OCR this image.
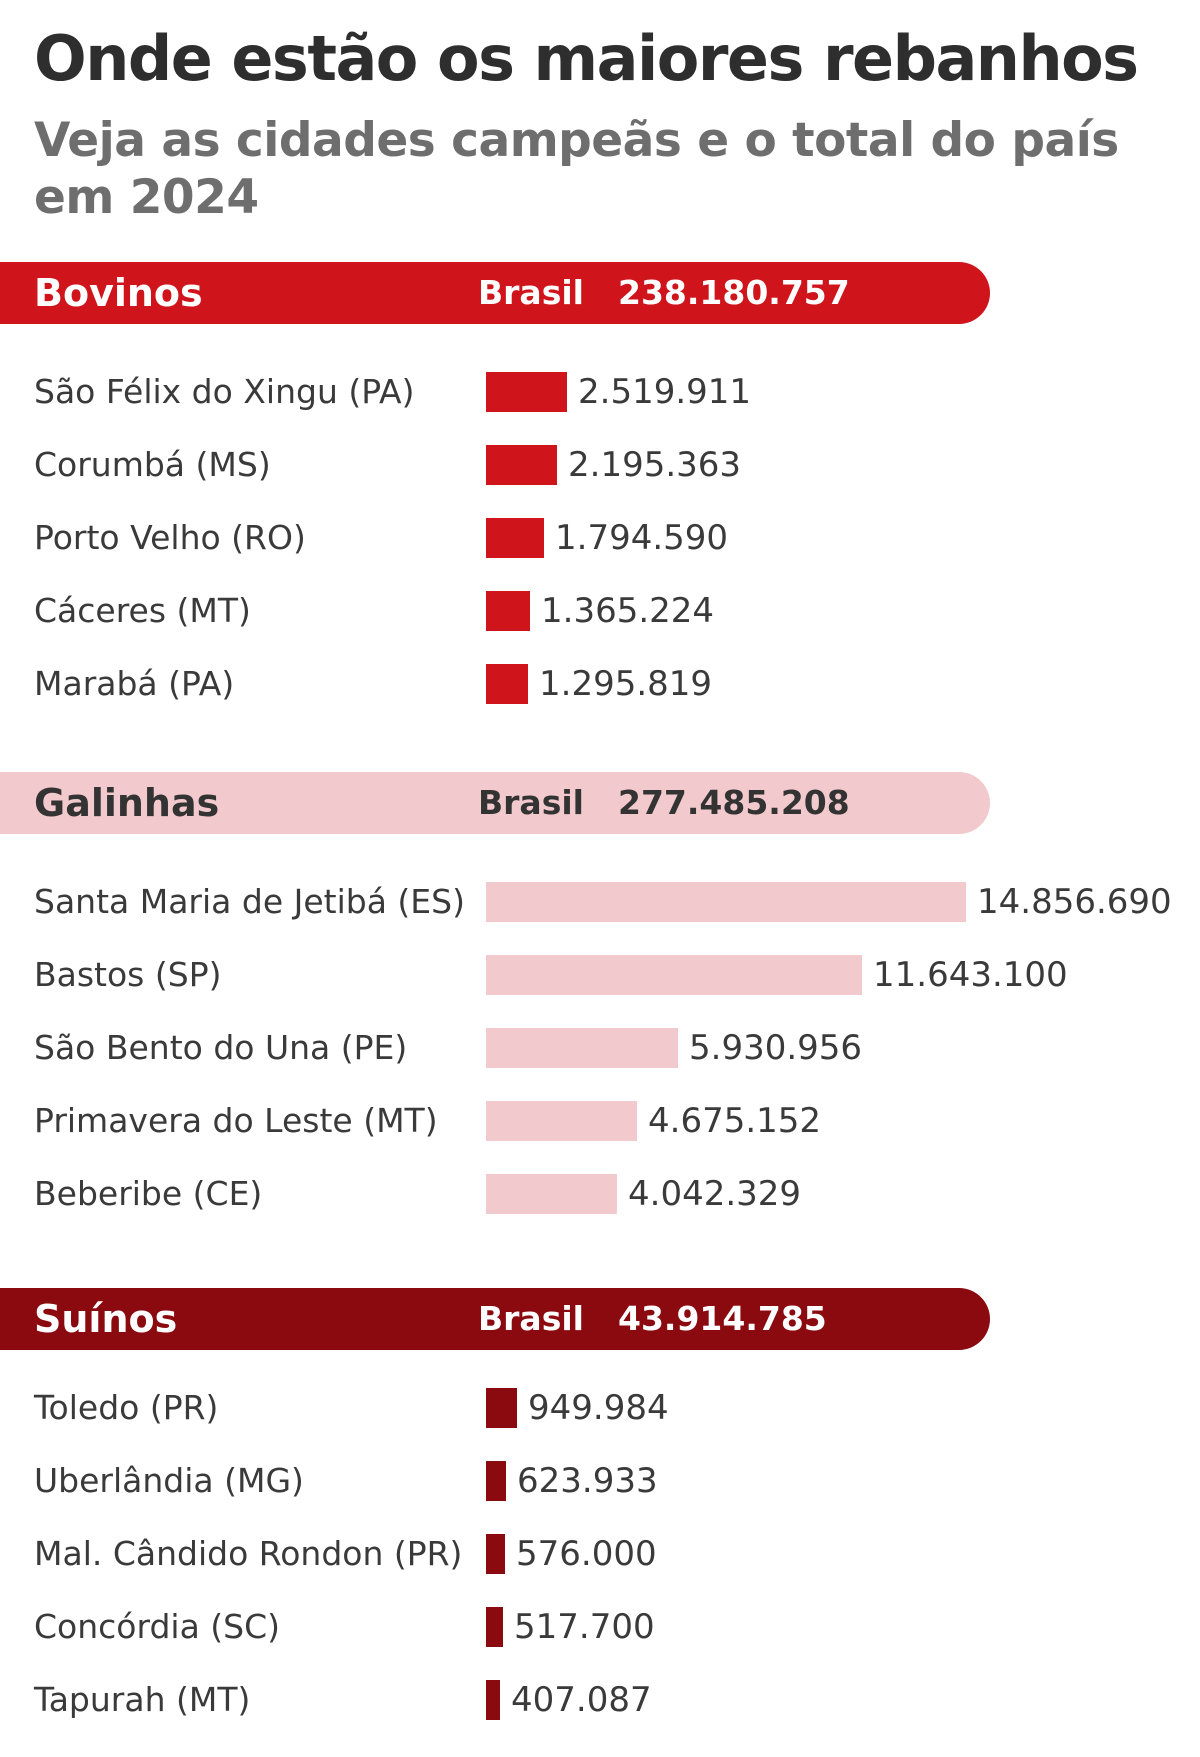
Onde estão os maiores rebanhos
Veja as cidades campeãs e o total do país em 2024
Bovinos	Brasil 238.180.757
São Félix do Xingu (PA)	2.519.911
Corumbá (MS)	2.195.363
Porto Velho (RO)	1.794.590
Cáceres (MT)	1.365.224
Marabá (PA)	1.295.819
Galinhas	Brasil 277.485.208
Santa Maria de Jetibá (ES)	14.856.690
Bastos (SP)	11.643.100
São Bento do Una (PE)	5.930.956
Primavera do Leste (MT)	4.675.152
Beberibe (CE)	4.042.329
Suínos	Brasil 43.914.785
Toledo (PR)	949.984
Uberlândia (MG)	623.933
Mal. Cândido Rondon (PR) 576.000
Concórdia (SC)	517.700
Tapurah (MT)	407.087
